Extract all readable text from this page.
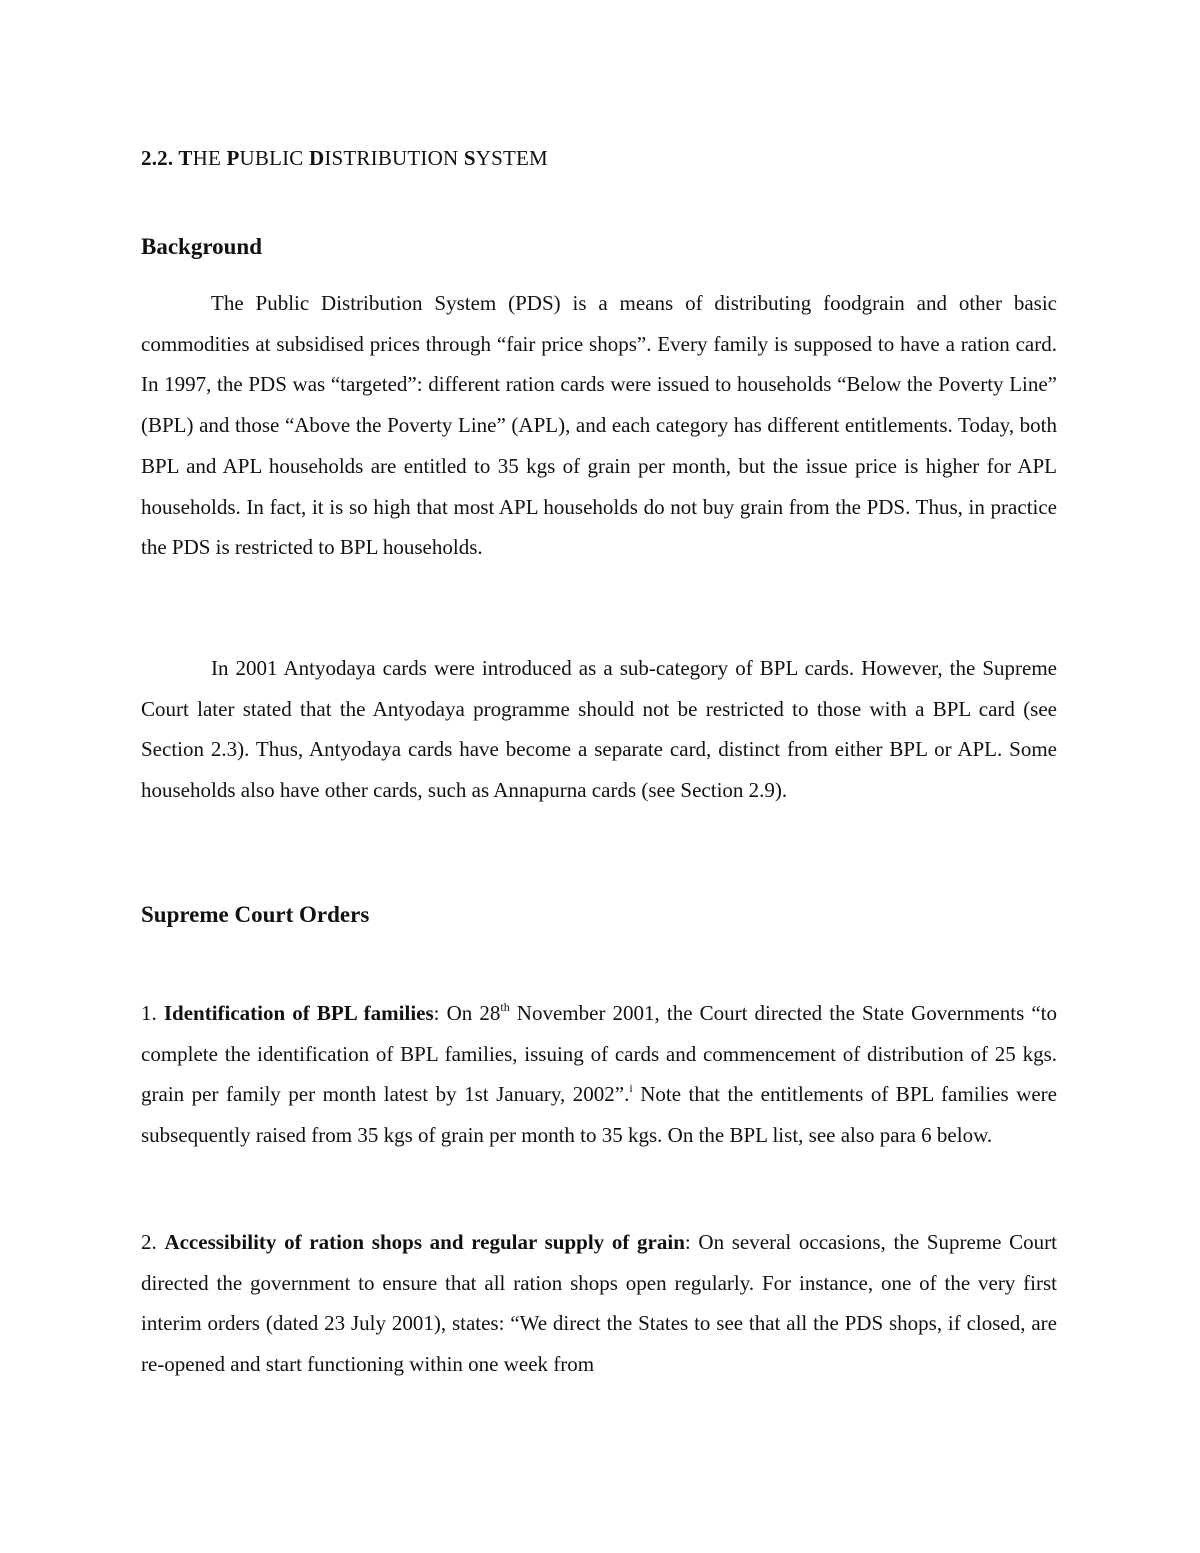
2.2. THE PUBLIC DISTRIBUTION SYSTEM
Background

The Public Distribution System (PDS) is a means of distributing foodgrain and other basic commodities at subsidised prices through “fair price shops”. Every family is supposed to have a ration card. In 1997, the PDS was “targeted”: different ration cards were issued to households “Below the Poverty Line” (BPL) and those “Above the Poverty Line” (APL), and each category has different entitlements. Today, both BPL and APL households are entitled to 35 kgs of grain per month, but the issue price is higher for APL households. In fact, it is so high that most APL households do not buy grain from the PDS. Thus, in practice the PDS is restricted to BPL households.

In 2001 Antyodaya cards were introduced as a sub-category of BPL cards. However, the Supreme Court later stated that the Antyodaya programme should not be restricted to those with a BPL card (see Section 2.3). Thus, Antyodaya cards have become a separate card, distinct from either BPL or APL. Some households also have other cards, such as Annapurna cards (see Section 2.9).

Supreme Court Orders

1. Identification of BPL families: On 28th November 2001, the Court directed the State Governments “to complete the identification of BPL families, issuing of cards and commencement of distribution of 25 kgs. grain per family per month latest by 1st January, 2002”.$^i$ Note that the entitlements of BPL families were subsequently raised from 35 kgs of grain per month to 35 kgs. On the BPL list, see also para 6 below.

2. Accessibility of ration shops and regular supply of grain: On several occasions, the Supreme Court directed the government to ensure that all ration shops open regularly. For instance, one of the very first interim orders (dated 23 July 2001), states: “We direct the States to see that all the PDS shops, if closed, are re-opened and start functioning within one week from
